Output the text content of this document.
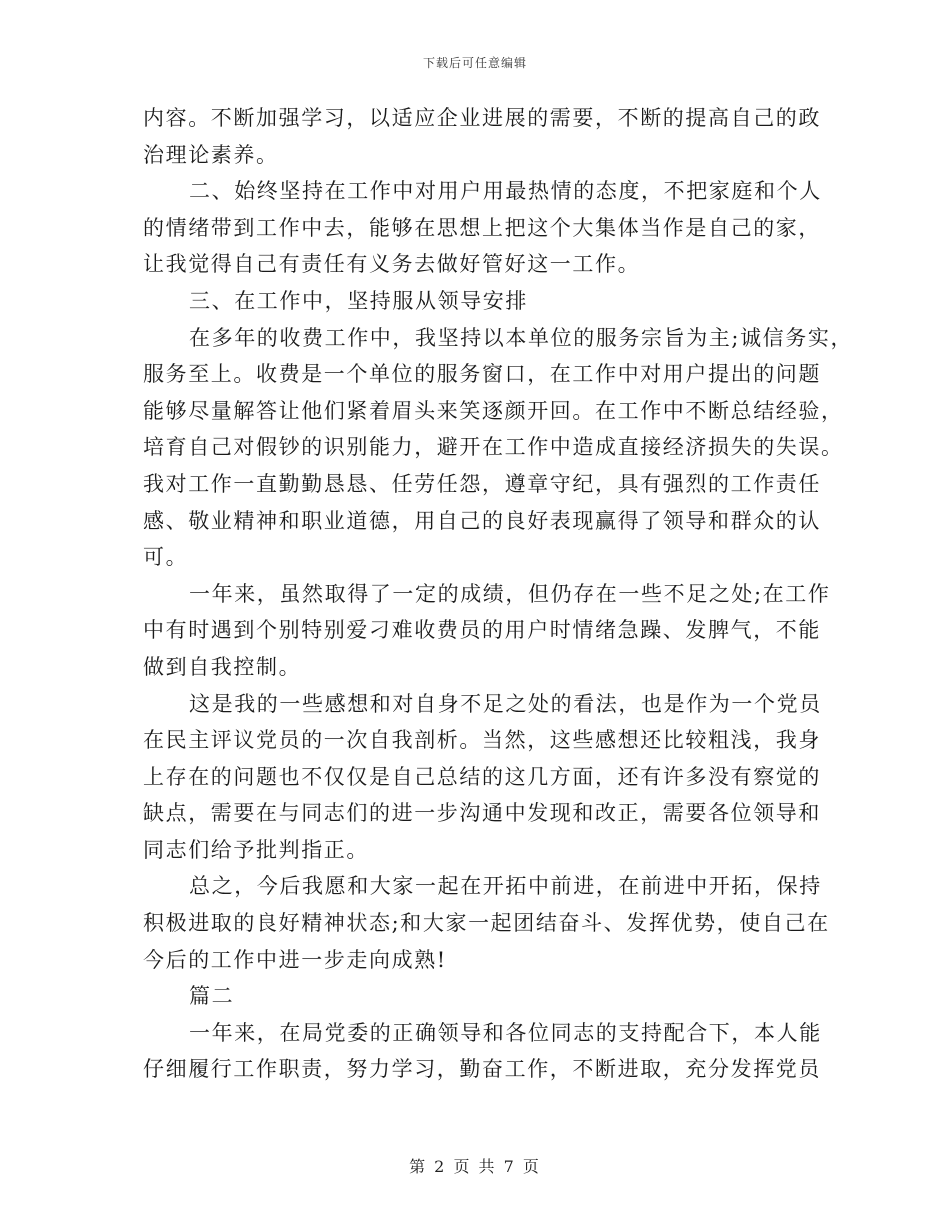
下载后可任意编辑
内容。不断加强学习，以适应企业进展的需要，不断的提高自己的政
治理论素养。
二、始终坚持在工作中对用户用最热情的态度，不把家庭和个人
的情绪带到工作中去，能够在思想上把这个大集体当作是自己的家，
让我觉得自己有责任有义务去做好管好这一工作。
三、在工作中，坚持服从领导安排
在多年的收费工作中，我坚持以本单位的服务宗旨为主;诚信务实，
服务至上。收费是一个单位的服务窗口，在工作中对用户提出的问题
能够尽量解答让他们紧着眉头来笑逐颜开回。在工作中不断总结经验，
培育自己对假钞的识别能力，避开在工作中造成直接经济损失的失误。
我对工作一直勤勤恳恳、任劳任怨，遵章守纪，具有强烈的工作责任
感、敬业精神和职业道德，用自己的良好表现赢得了领导和群众的认
可。
一年来，虽然取得了一定的成绩，但仍存在一些不足之处;在工作
中有时遇到个别特别爱刁难收费员的用户时情绪急躁、发脾气，不能
做到自我控制。
这是我的一些感想和对自身不足之处的看法，也是作为一个党员
在民主评议党员的一次自我剖析。当然，这些感想还比较粗浅，我身
上存在的问题也不仅仅是自己总结的这几方面，还有许多没有察觉的
缺点，需要在与同志们的进一步沟通中发现和改正，需要各位领导和
同志们给予批判指正。
总之，今后我愿和大家一起在开拓中前进，在前进中开拓，保持
积极进取的良好精神状态;和大家一起团结奋斗、发挥优势，使自己在
今后的工作中进一步走向成熟!
篇二
一年来，在局党委的正确领导和各位同志的支持配合下，本人能
仔细履行工作职责，努力学习，勤奋工作，不断进取，充分发挥党员
第 2 页 共 7 页
